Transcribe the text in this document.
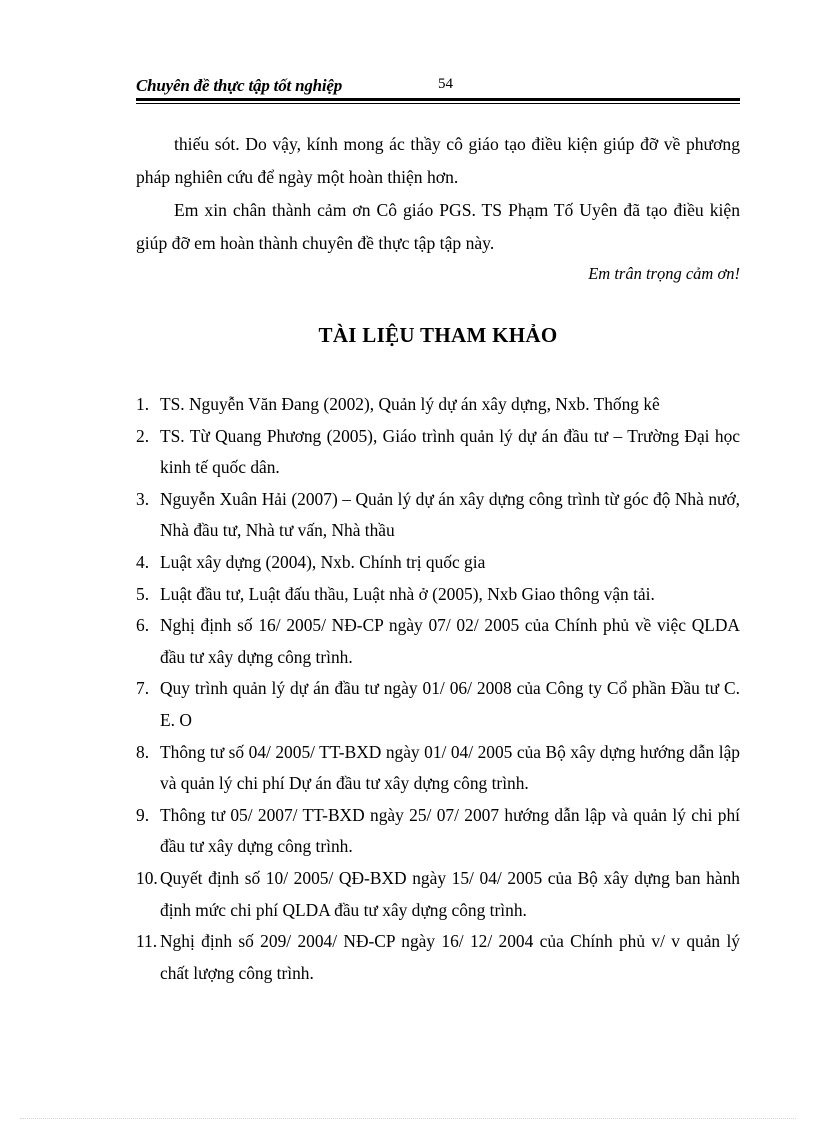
Chuyên đề thực tập tốt nghiệp	54
thiếu sót. Do vậy, kính mong ác thầy cô giáo tạo điều kiện giúp đỡ về phương pháp nghiên cứu để ngày một hoàn thiện hơn.
Em xin chân thành cảm ơn Cô giáo PGS. TS Phạm Tố Uyên đã tạo điều kiện giúp đỡ em hoàn thành chuyên đề thực tập tập này.
Em trân trọng cảm ơn!
TÀI LIỆU THAM KHẢO
1. TS. Nguyễn Văn Đang (2002), Quản lý dự án xây dựng, Nxb. Thống kê
2. TS. Từ Quang Phương (2005), Giáo trình quản lý dự án đầu tư – Trường Đại học kinh tế quốc dân.
3. Nguyễn Xuân Hải (2007) – Quản lý dự án xây dựng công trình từ góc độ Nhà nướ, Nhà đầu tư, Nhà tư vấn, Nhà thầu
4. Luật xây dựng (2004), Nxb. Chính trị quốc gia
5. Luật đầu tư, Luật đấu thầu, Luật nhà ở (2005), Nxb Giao thông vận tải.
6. Nghị định số 16/ 2005/ NĐ-CP ngày 07/ 02/ 2005 của Chính phủ về việc QLDA đầu tư xây dựng công trình.
7. Quy trình quản lý dự án đầu tư ngày 01/ 06/ 2008 của Công ty Cổ phần Đầu tư C. E. O
8. Thông tư số 04/ 2005/ TT-BXD ngày 01/ 04/ 2005 của Bộ xây dựng hướng dẫn lập và quản lý chi phí Dự án đầu tư xây dựng công trình.
9. Thông tư 05/ 2007/ TT-BXD ngày 25/ 07/ 2007 hướng dẫn lập và quản lý chi phí đầu tư xây dựng công trình.
10. Quyết định số 10/ 2005/ QĐ-BXD ngày 15/ 04/ 2005 của Bộ xây dựng ban hành định mức chi phí QLDA đầu tư xây dựng công trình.
11. Nghị định số 209/ 2004/ NĐ-CP ngày 16/ 12/ 2004 của Chính phủ v/ v quản lý chất lượng công trình.
